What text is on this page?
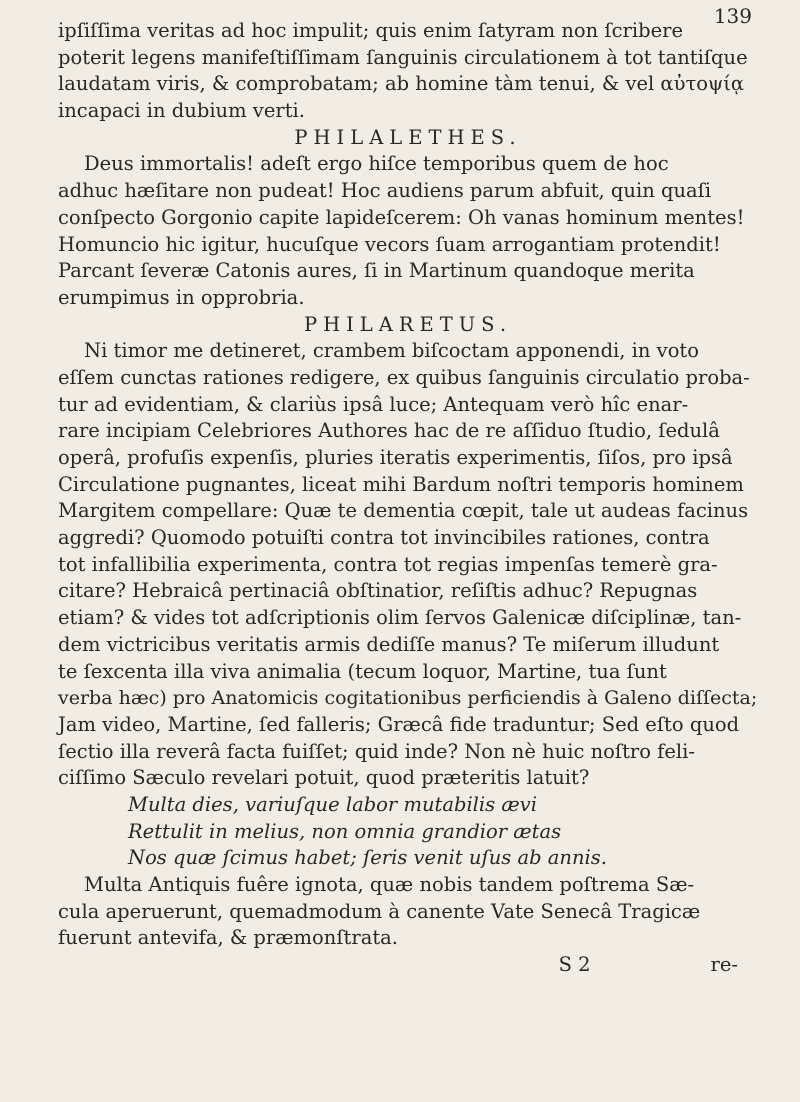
139
ipſiſſima veritas ad hoc impulit; quis enim ſatyram non ſcribere
poterit legens manifeſtiſſimam ſanguinis circulationem à tot tantiſque
laudatam viris, & comprobatam; ab homine tàm tenui, & vel αὐτοψίᾳ
incapaci in dubium verti.
PHILALETHES.
Deus immortalis! adeſt ergo hiſce temporibus quem de hoc
adhuc hæſitare non pudeat! Hoc audiens parum abfuit, quin quaſi
conſpecto Gorgonio capite lapideſcerem: Oh vanas hominum mentes!
Homuncio hic igitur, hucuſque vecors ſuam arrogantiam protendit!
Parcant ſeveræ Catonis aures, ſi in Martinum quandoque merita
erumpimus in opprobria.
PHILARETUS.
Ni timor me detineret, crambem biſcoctam apponendi, in voto
eſſem cunctas rationes redigere, ex quibus ſanguinis circulatio proba-
tur ad evidentiam, & clariùs ipsâ luce; Antequam verò hîc enar-
rare incipiam Celebriores Authores hac de re aſſiduo ſtudio, ſedulâ
operâ, profuſis expenſis, pluries iteratis experimentis, ſiſos, pro ipsâ
Circulatione pugnantes, liceat mihi Bardum noſtri temporis hominem
Margitem compellare: Quæ te dementia cœpit, tale ut audeas facinus
aggredi? Quomodo potuiſti contra tot invincibiles rationes, contra
tot infallibilia experimenta, contra tot regias impenſas temerè gra-
citare? Hebraicâ pertinaciâ obſtinatior, reſiſtis adhuc? Repugnas
etiam? & vides tot adſcriptionis olim ſervos Galenicæ diſciplinæ, tan-
dem victricibus veritatis armis dediſſe manus? Te miſerum illudunt
te ſexcenta illa viva animalia (tecum loquor, Martine, tua ſunt
verba hæc) pro Anatomicis cogitationibus perficiendis à Galeno diſſecta;
Jam video, Martine, ſed falleris; Græcâ fide traduntur; Sed eſto quod
ſectio illa reverâ facta fuiſſet; quid inde? Non nè huic noſtro feli-
ciſſimo Sæculo revelari potuit, quod præteritis latuit?
Multa dies, variuſque labor mutabilis ævi
Rettulit in melius, non omnia grandior ætas
Nos quæ ſcimus habet; ſeris venit uſus ab annis.
Multa Antiquis fuêre ignota, quæ nobis tandem poſtrema Sæ-
cula aperuerunt, quemadmodum à canente Vate Senecâ Tragicæ
fuerunt antevifa, & præmonſtrata.
S 2	re-
